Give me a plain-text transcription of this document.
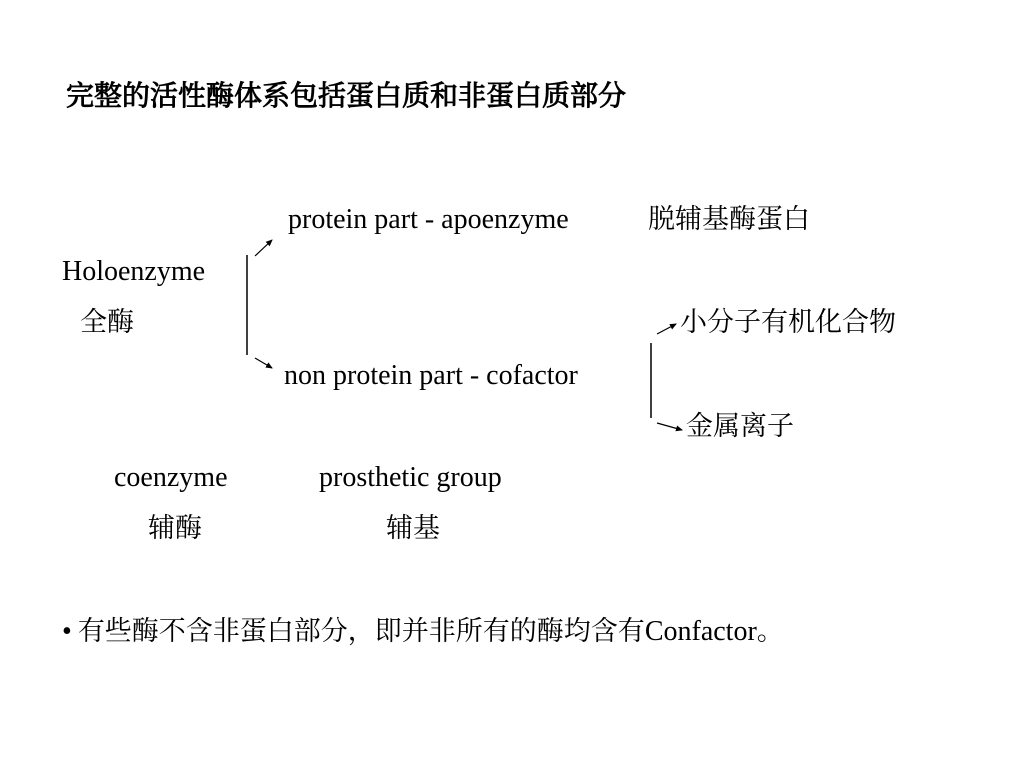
完整的活性酶体系包括蛋白质和非蛋白质部分
protein part - apoenzyme	脱辅基酶蛋白
Holoenzyme
全酶	小分子有机化合物
non protein part - cofactor
金属离子
coenzyme	prosthetic group
辅酶	辅基
• 有些酶不含非蛋白部分，即并非所有的酶均含有Confactor。
